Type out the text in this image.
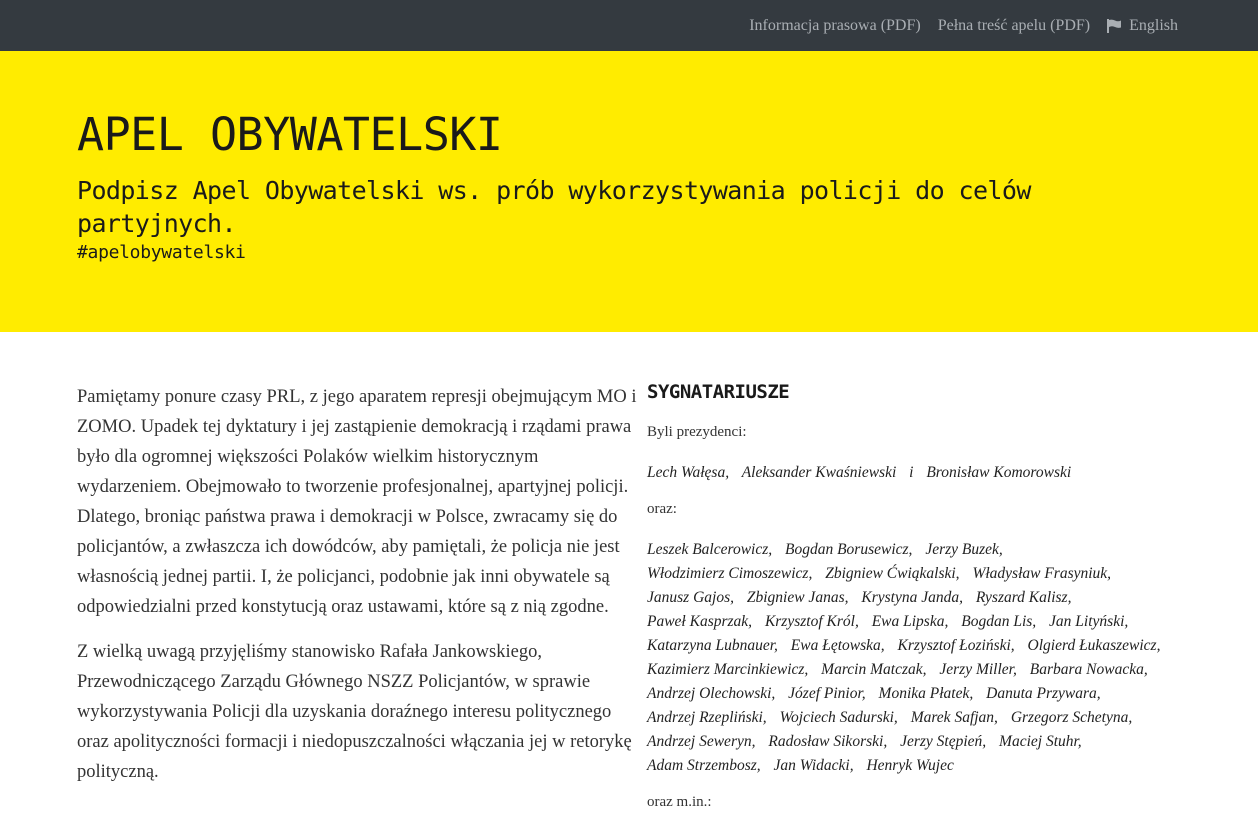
Informacja prasowa (PDF) Pełna treść apelu (PDF) English
APEL OBYWATELSKI
Podpisz Apel Obywatelski ws. prób wykorzystywania policji do celów partyjnych.
#apelobywatelski

Pamiętamy ponure czasy PRL, z jego aparatem represji obejmującym MO i ZOMO. Upadek tej dyktatury i jej zastąpienie demokracją i rządami prawa było dla ogromnej większości Polaków wielkim historycznym wydarzeniem. Obejmowało to tworzenie profesjonalnej, apartyjnej policji. Dlatego, broniąc państwa prawa i demokracji w Polsce, zwracamy się do policjantów, a zwłaszcza ich dowódców, aby pamiętali, że policja nie jest własnością jednej partii. I, że policjanci, podobnie jak inni obywatele są odpowiedzialni przed konstytucją oraz ustawami, które są z nią zgodne.

Z wielką uwagą przyjęliśmy stanowisko Rafała Jankowskiego, Przewodniczącego Zarządu Głównego NSZZ Policjantów, w sprawie wykorzystywania Policji dla uzyskania doraźnego interesu politycznego oraz apolityczności formacji i niedopuszczalności włączania jej w retorykę polityczną.

SYGNATARIUSZE
Byli prezydenci:
Lech Wałęsa, Aleksander Kwaśniewski i Bronisław Komorowski
oraz:
Leszek Balcerowicz, Bogdan Borusewicz, Jerzy Buzek, Włodzimierz Cimoszewicz, Zbigniew Ćwiąkalski, Władysław Frasyniuk, Janusz Gajos, Zbigniew Janas, Krystyna Janda, Ryszard Kalisz, Paweł Kasprzak, Krzysztof Król, Ewa Lipska, Bogdan Lis, Jan Lityński, Katarzyna Lubnauer, Ewa Łętowska, Krzysztof Łoziński, Olgierd Łukaszewicz, Kazimierz Marcinkiewicz, Marcin Matczak, Jerzy Miller, Barbara Nowacka, Andrzej Olechowski, Józef Pinior, Monika Płatek, Danuta Przywara, Andrzej Rzepliński, Wojciech Sadurski, Marek Safjan, Grzegorz Schetyna, Andrzej Seweryn, Radosław Sikorski, Jerzy Stępień, Maciej Stuhr, Adam Strzembosz, Jan Widacki, Henryk Wujec
oraz m.in.:
